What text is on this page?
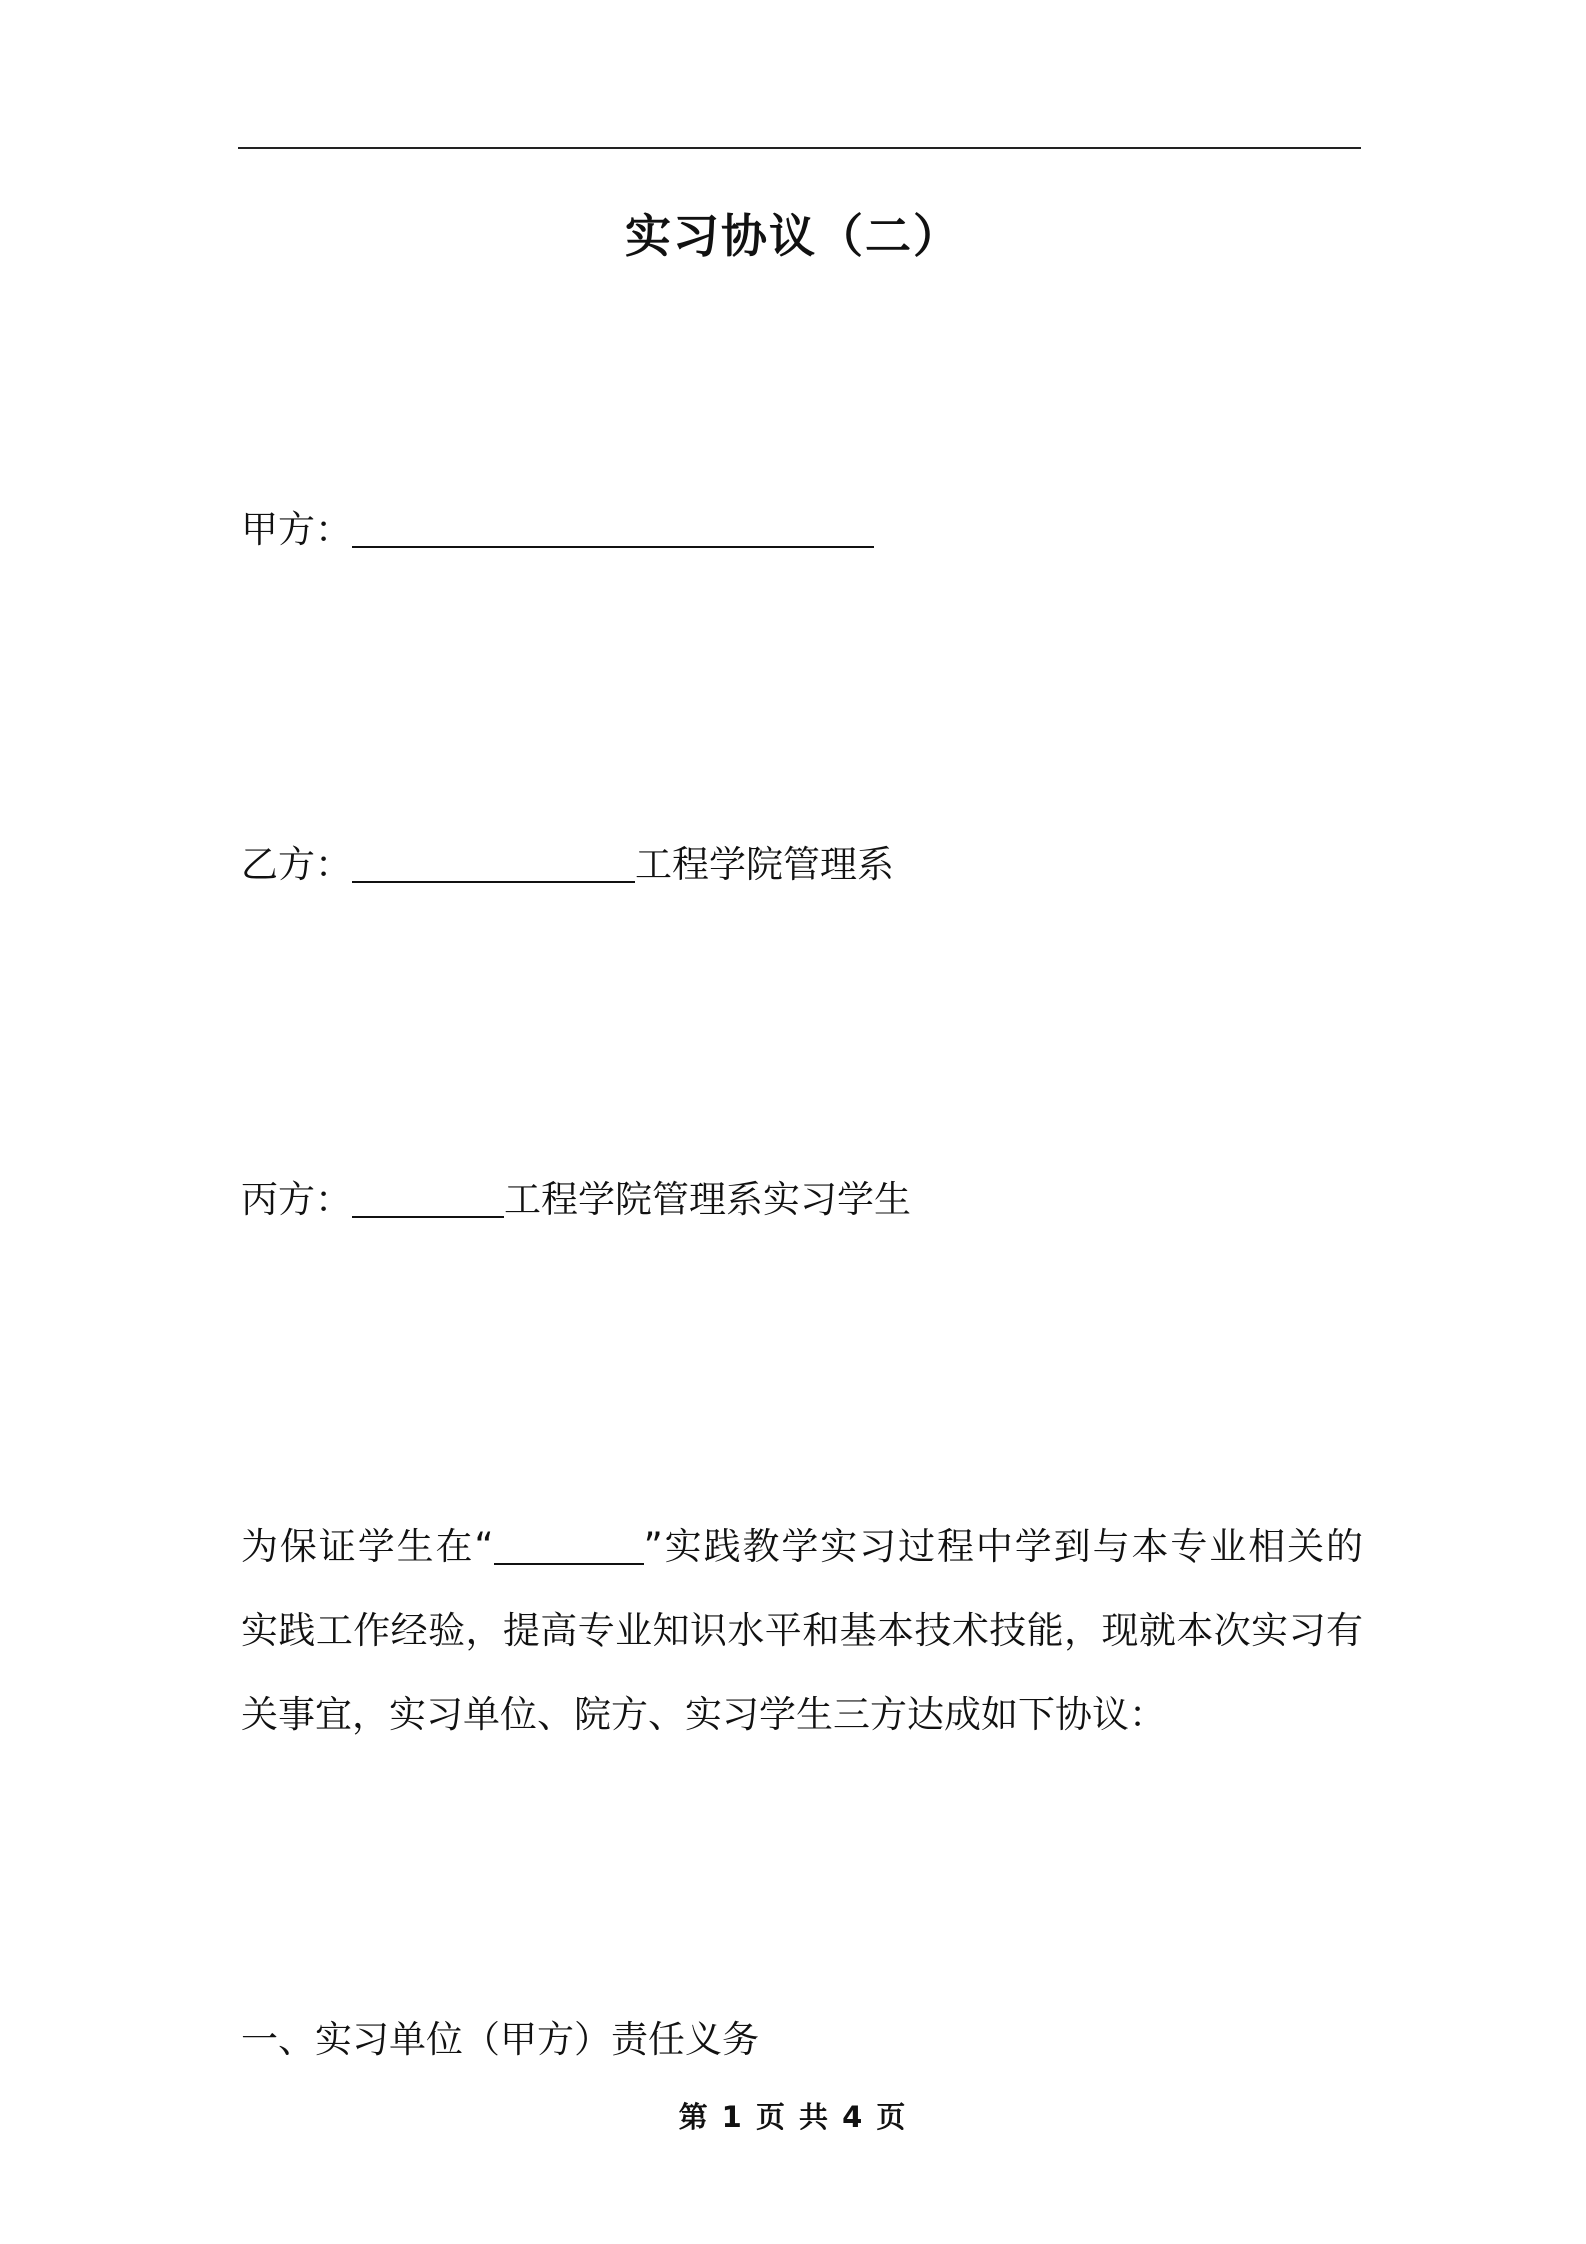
实习协议（二）
甲方：
乙方：	工程学院管理系
丙方：	工程学院管理系实习学生
为保证学生在“	”实践教学实习过程中学到与本专业相关的
实践工作经验，提高专业知识水平和基本技术技能，现就本次实习有
关事宜，实习单位、院方、实习学生三方达成如下协议：
一、实习单位（甲方）责任义务
第 1 页 共 4 页
